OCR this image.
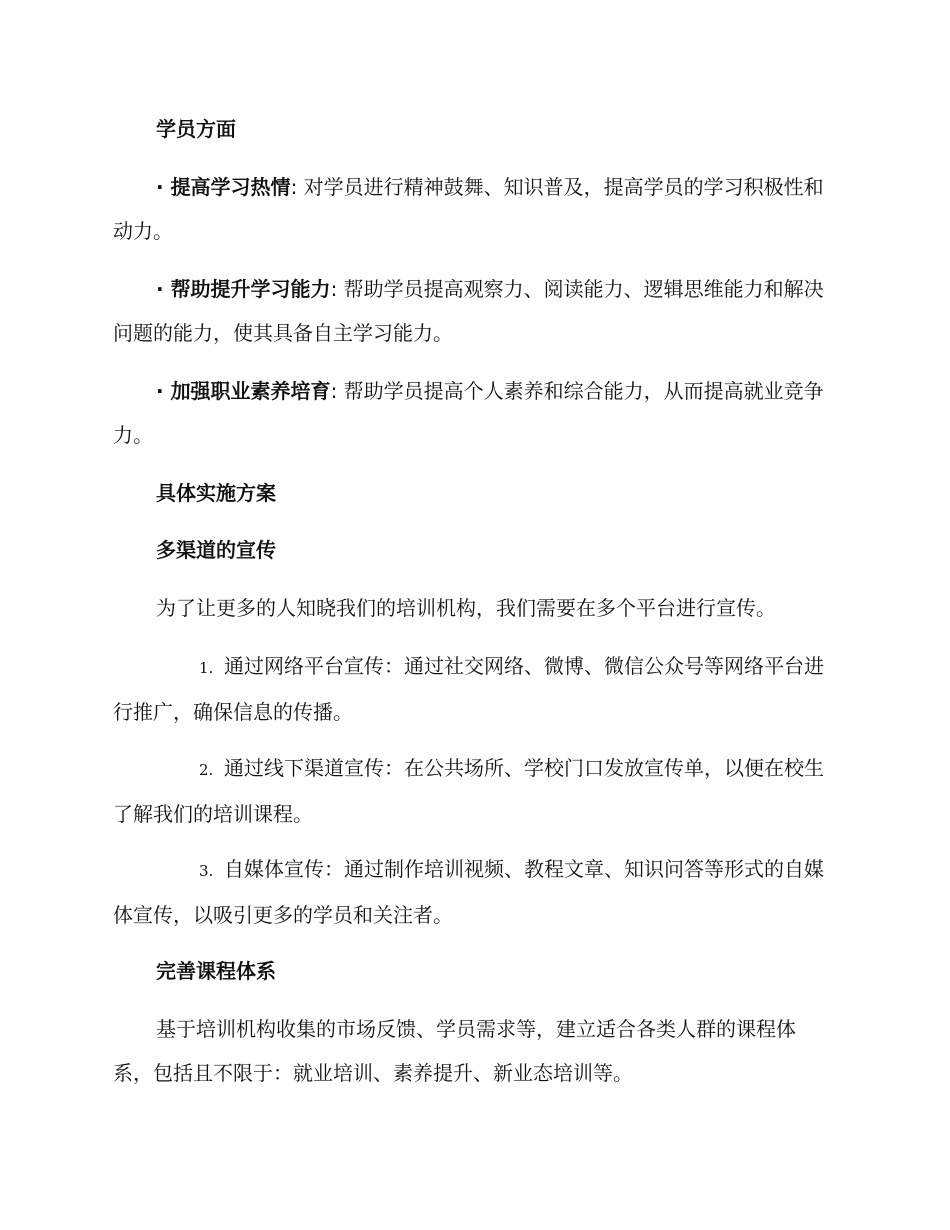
学员方面
· 提高学习热情: 对学员进行精神鼓舞、知识普及，提高学员的学习积极性和动力。
· 帮助提升学习能力: 帮助学员提高观察力、阅读能力、逻辑思维能力和解决问题的能力，使其具备自主学习能力。
· 加强职业素养培育: 帮助学员提高个人素养和综合能力，从而提高就业竞争力。
具体实施方案
多渠道的宣传
为了让更多的人知晓我们的培训机构，我们需要在多个平台进行宣传。
1. 通过网络平台宣传：通过社交网络、微博、微信公众号等网络平台进行推广，确保信息的传播。
2. 通过线下渠道宣传：在公共场所、学校门口发放宣传单，以便在校生了解我们的培训课程。
3. 自媒体宣传：通过制作培训视频、教程文章、知识问答等形式的自媒体宣传，以吸引更多的学员和关注者。
完善课程体系
基于培训机构收集的市场反馈、学员需求等，建立适合各类人群的课程体系，包括且不限于：就业培训、素养提升、新业态培训等。
